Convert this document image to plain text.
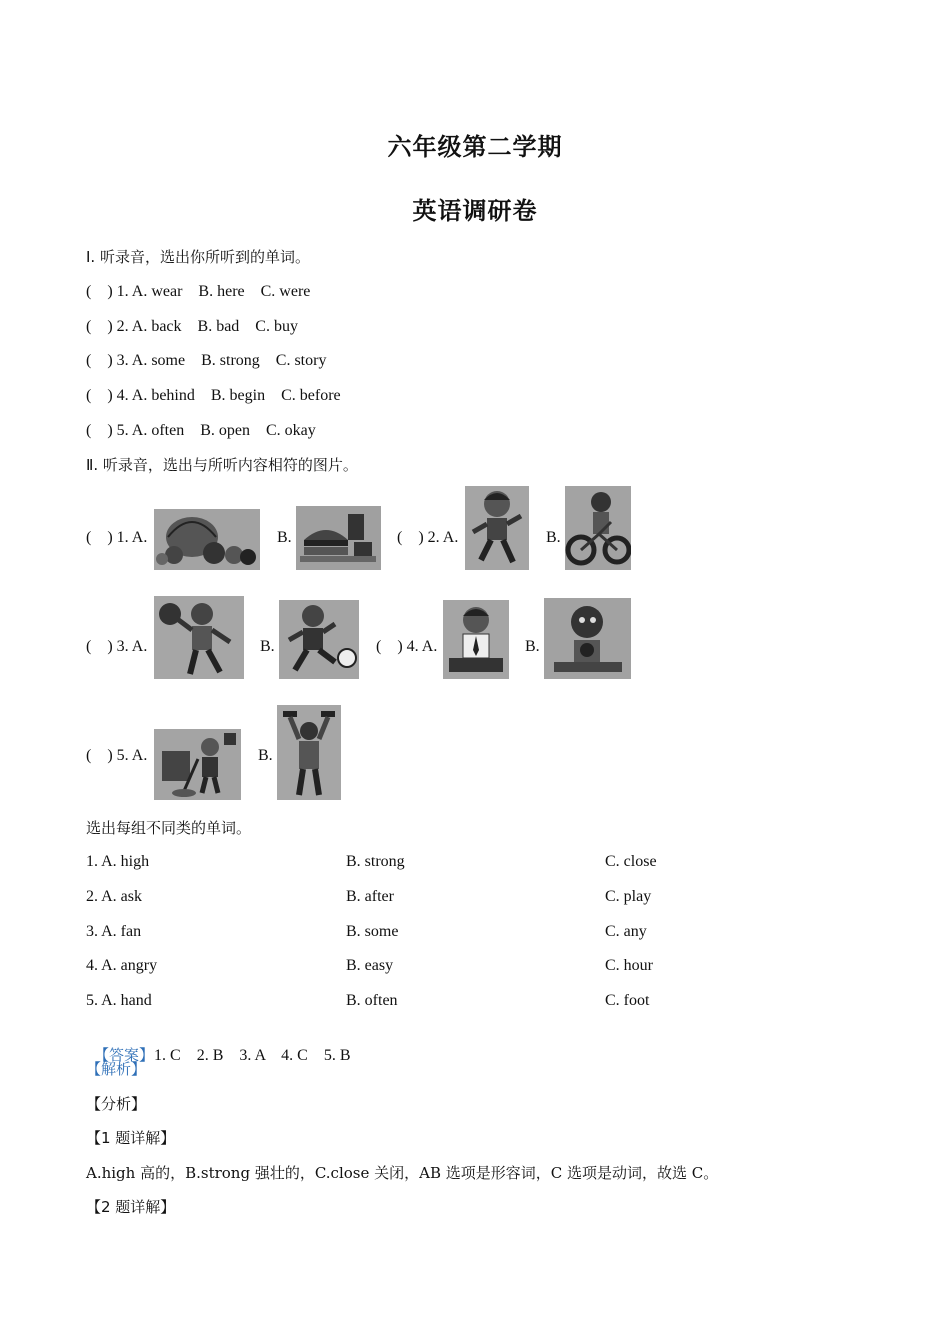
六年级第二学期
英语调研卷
Ⅰ. 听录音，选出你所听到的单词。
(    ) 1. A. wear    B. here    C. were
(    ) 2. A. back    B. bad    C. buy
(    ) 3. A. some    B. strong    C. story
(    ) 4. A. behind    B. begin    C. before
(    ) 5. A. often    B. open    C. okay
Ⅱ. 听录音，选出与所听内容相符的图片。
(    ) 1. A.	B.	(    ) 2. A.	B.
(    ) 3. A.	B.	(    ) 4. A.	B.
(    ) 5. A.	B.
选出每组不同类的单词。
1. A. high	B. strong	C. close
2. A. ask	B. after	C. play
3. A. fan	B. some	C. any
4. A. angry	B. easy	C. hour
5. A. hand	B. often	C. foot

【答案】1. C    2. B    3. A    4. C    5. B

【解析】
【分析】
【1 题详解】
A.high 高的，B.strong 强壮的，C.close 关闭，AB 选项是形容词，C 选项是动词，故选 C。
【2 题详解】
